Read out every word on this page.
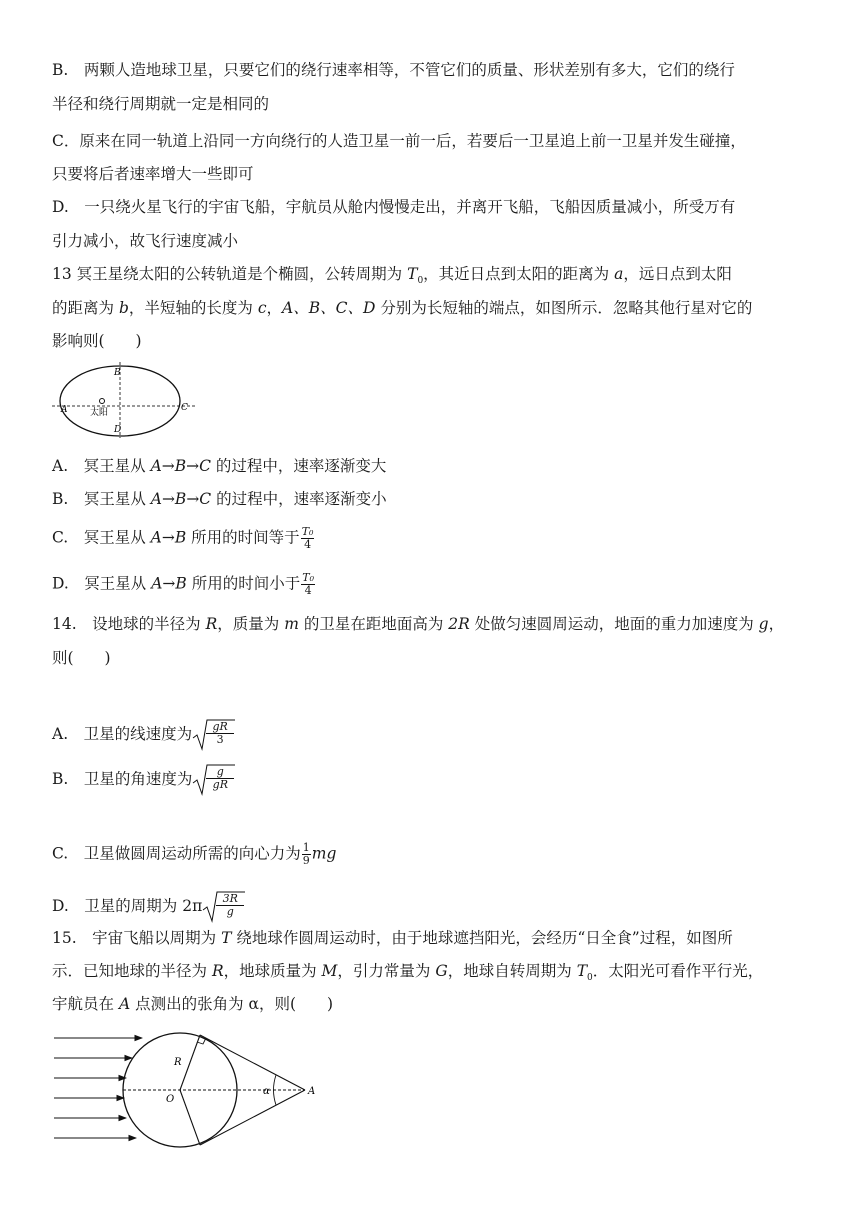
B.　两颗人造地球卫星，只要它们的绕行速率相等，不管它们的质量、形状差别有多大，它们的绕行
半径和绕行周期就一定是相同的
C．原来在同一轨道上沿同一方向绕行的人造卫星一前一后，若要后一卫星追上前一卫星并发生碰撞，
只要将后者速率增大一些即可
D.　一只绕火星飞行的宇宙飞船，宇航员从舱内慢慢走出，并离开飞船，飞船因质量减小，所受万有
引力减小，故飞行速度减小
13 冥王星绕太阳的公转轨道是个椭圆，公转周期为 $T_0$，其近日点到太阳的距离为 a，远日点到太阳
的距离为 b，半短轴的长度为 c，A、B、C、D 分别为长短轴的端点，如图所示．忽略其他行星对它的
影响则(　　)
B
A	C
D
太阳
A.　冥王星从 A→B→C 的过程中，速率逐渐变大
B.　冥王星从 A→B→C 的过程中，速率逐渐变小
C.　冥王星从 A→B 所用的时间等于 $\frac{\text{T₀}}{4}$
D.　冥王星从 A→B 所用的时间小于 $\frac{\text{T₀}}{4}$
14.　设地球的半径为 R，质量为 m 的卫星在距地面高为 2R 处做匀速圆周运动，地面的重力加速度为 g，
则(　　)
A.　卫星的线速度为 $\frac{gR}{3}$
B.　卫星的角速度为 $\frac{g}{gR}$
C.　卫星做圆周运动所需的向心力为 $\frac{1}{9}$ mg
D.　卫星的周期为 $2\pi \frac{3R}{g}$
15.　宇宙飞船以周期为 T 绕地球作圆周运动时，由于地球遮挡阳光，会经历“日全食”过程，如图所
示．已知地球的半径为 R，地球质量为 M，引力常量为 G，地球自转周期为 $T_0$．太阳光可看作平行光，
宇航员在 A 点测出的张角为 α，则(　　)
R
O
A
α
